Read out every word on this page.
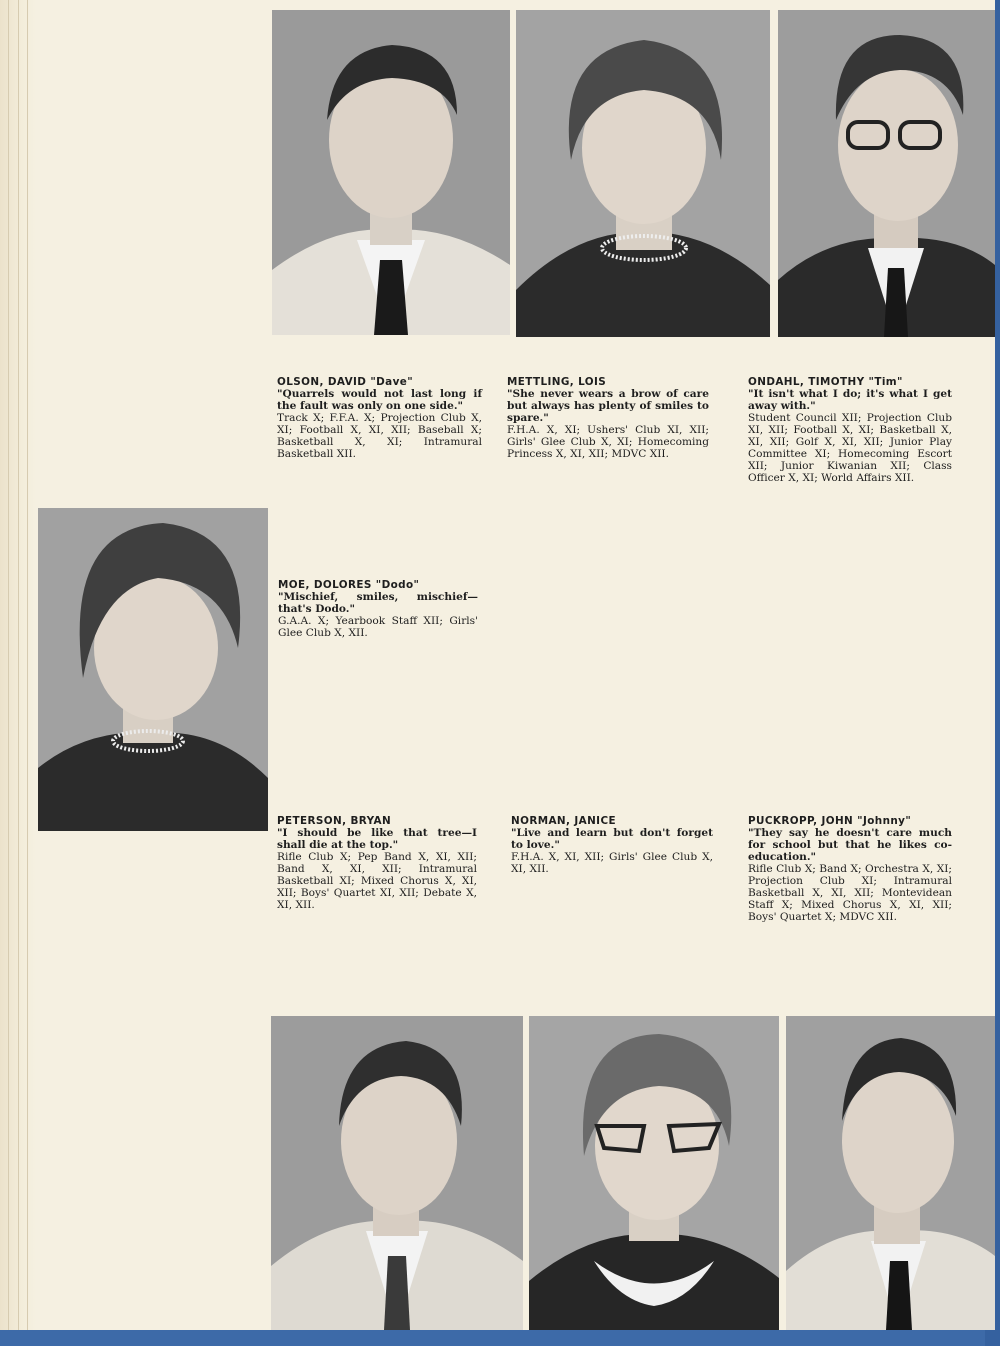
OLSON, DAVID "Dave"
"Quarrels would not last long if the fault was only on one side."
Track X; F.F.A. X; Projection Club X, XI; Football X, XI, XII; Baseball X; Basketball X, XI; Intramural Basketball XII.
METTLING, LOIS
"She never wears a brow of care but always has plenty of smiles to spare."
F.H.A. X, XI; Ushers' Club XI, XII; Girls' Glee Club X, XI; Homecoming Princess X, XI, XII; MDVC XII.
ONDAHL, TIMOTHY "Tim"
"It isn't what I do; it's what I get away with."
Student Council XII; Projection Club XI, XII; Football X, XI; Basketball X, XI, XII; Golf X, XI, XII; Junior Play Committee XI; Homecoming Escort XII; Junior Kiwanian XII; Class Officer X, XI; World Affairs XII.
MOE, DOLORES "Dodo"
"Mischief, smiles, mischief—that's Dodo."
G.A.A. X; Yearbook Staff XII; Girls' Glee Club X, XII.
PETERSON, BRYAN
"I should be like that tree—I shall die at the top."
Rifle Club X; Pep Band X, XI, XII; Band X, XI, XII; Intramural Basketball XI; Mixed Chorus X, XI, XII; Boys' Quartet XI, XII; Debate X, XI, XII.
NORMAN, JANICE
"Live and learn but don't forget to love."
F.H.A. X, XI, XII; Girls' Glee Club X, XI, XII.
PUCKROPP, JOHN "Johnny"
"They say he doesn't care much for school but that he likes co-education."
Rifle Club X; Band X; Orchestra X, XI; Projection Club XI; Intramural Basketball X, XI, XII; Montevidean Staff X; Mixed Chorus X, XI, XII; Boys' Quartet X; MDVC XII.
